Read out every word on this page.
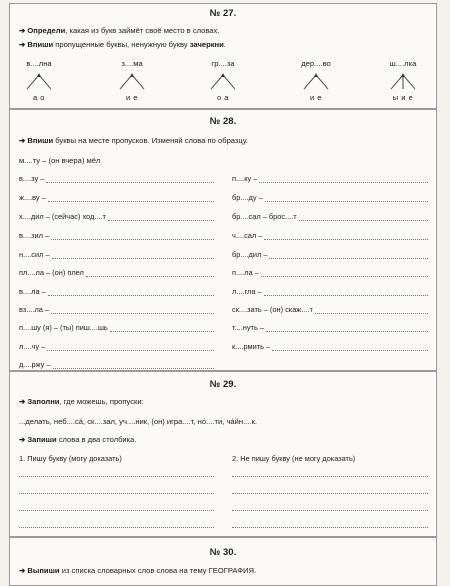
№ 27.
➔ Определи, какая из букв займёт своё место в словах.
➔ Впиши пропущенные буквы, ненужную букву зачеркни.
в....лна
а о
з....ма
и е
гр....за
о а
дер....во
и е
ш....лка
ы и е
№ 28.
➔ Впиши буквы на месте пропусков. Изменяй слова по образцу.
м....ту – (он вчера) мёл
в....зу –
ж....ву –
х....дил – (сейчас) ход....т
в....зил –
н....сил –
пл....ла – (он) плел
в....ла –
вз....ла –
п....шу (я) – (ты) пиш....шь
л....чу –
д....ржу –
п....ку –
бр....ду –
бр....сал – брос....т
ч....сал –
бр....дил –
п....ла –
л....гла –
ск....зать – (он) скаж....т
т....нуть –
к....рмить –
№ 29.
➔ Заполни, где можешь, пропуски:
...делать, неб....сá, ск....зал, уч....ник, (он) игра....т, нó....ти, чáйн....к.
➔ Запиши слова в два столбика.
1. Пишу букву (могу доказать)	2. Не пишу букву (не могу доказать)
№ 30.
➔ Выпиши из списка словарных слов слова на тему ГЕОГРАФИЯ.
